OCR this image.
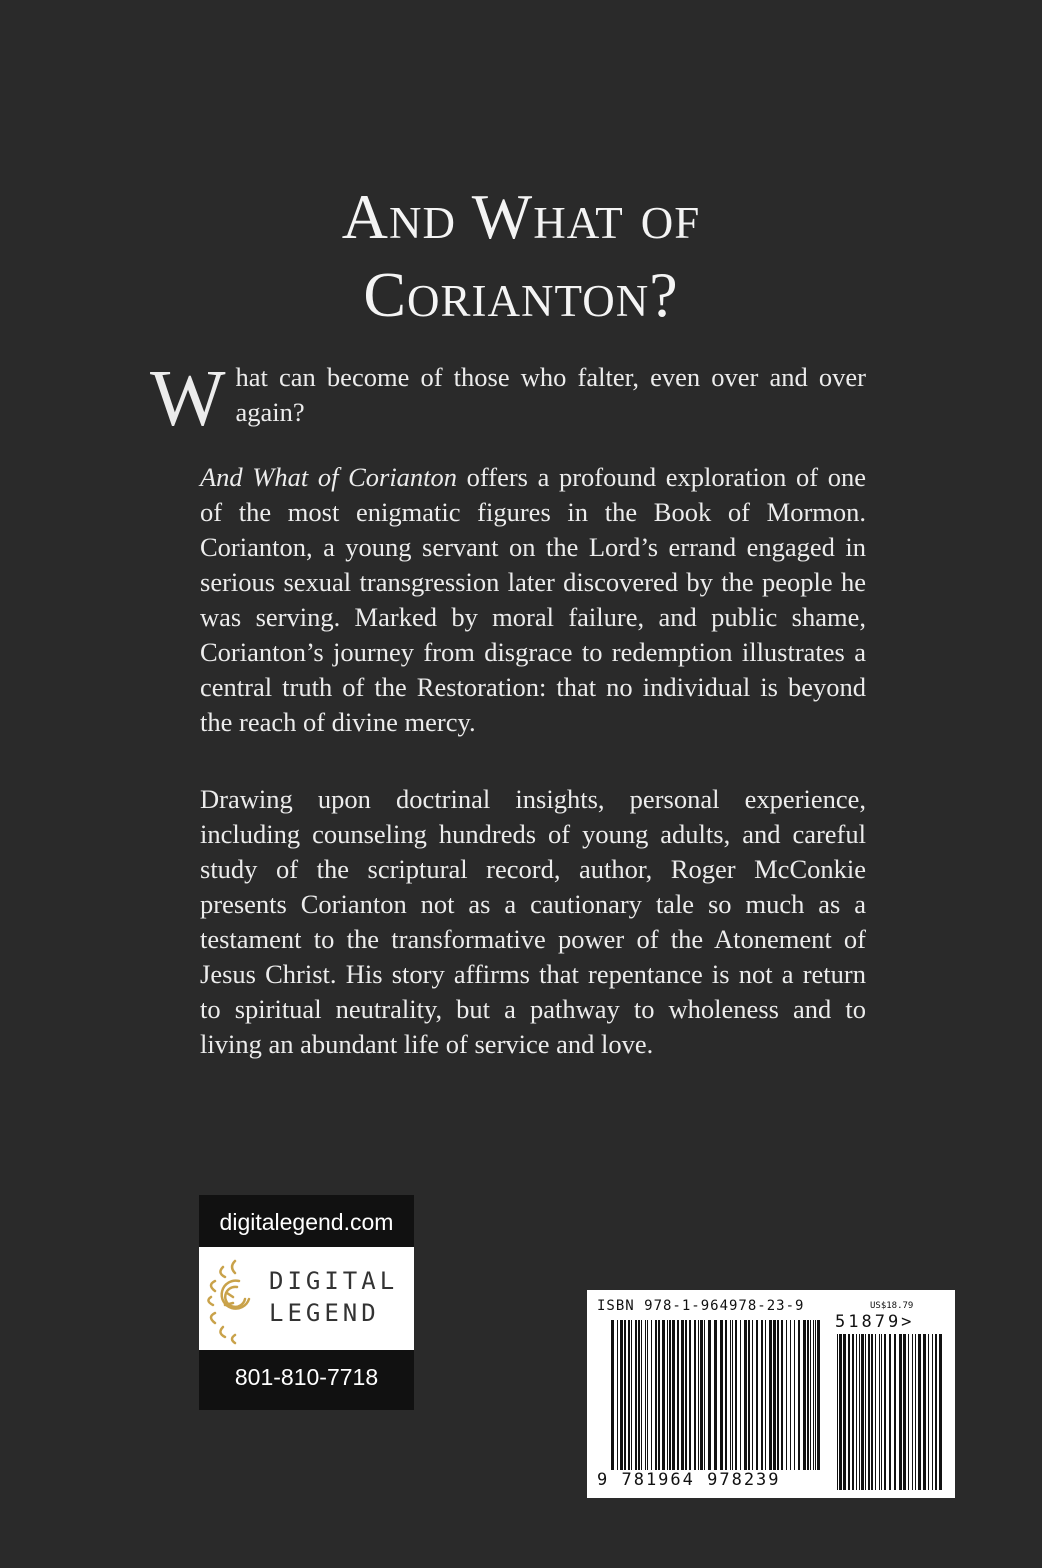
And What of
Corianton?

What can become of those who falter, even over and over again?

And What of Corianton offers a profound exploration of one of the most enigmatic figures in the Book of Mormon. Corianton, a young servant on the Lord’s errand engaged in serious sexual transgression later discovered by the people he was serving. Marked by moral failure, and public shame, Corianton’s journey from disgrace to redemption illustrates a central truth of the Restoration: that no individual is beyond the reach of divine mercy.

Drawing upon doctrinal insights, personal experience, including counseling hundreds of young adults, and careful study of the scriptural record, author, Roger McConkie presents Corianton not as a cautionary tale so much as a testament to the transformative power of the Atonement of Jesus Christ. His story affirms that repentance is not a return to spiritual neutrality, but a pathway to wholeness and to living an abundant life of service and love.

digitalegend.com
DIGITAL
LEGEND
801-810-7718
ISBN 978-1-964978-23-9	US$18.79
51879>
9 781964 978239
